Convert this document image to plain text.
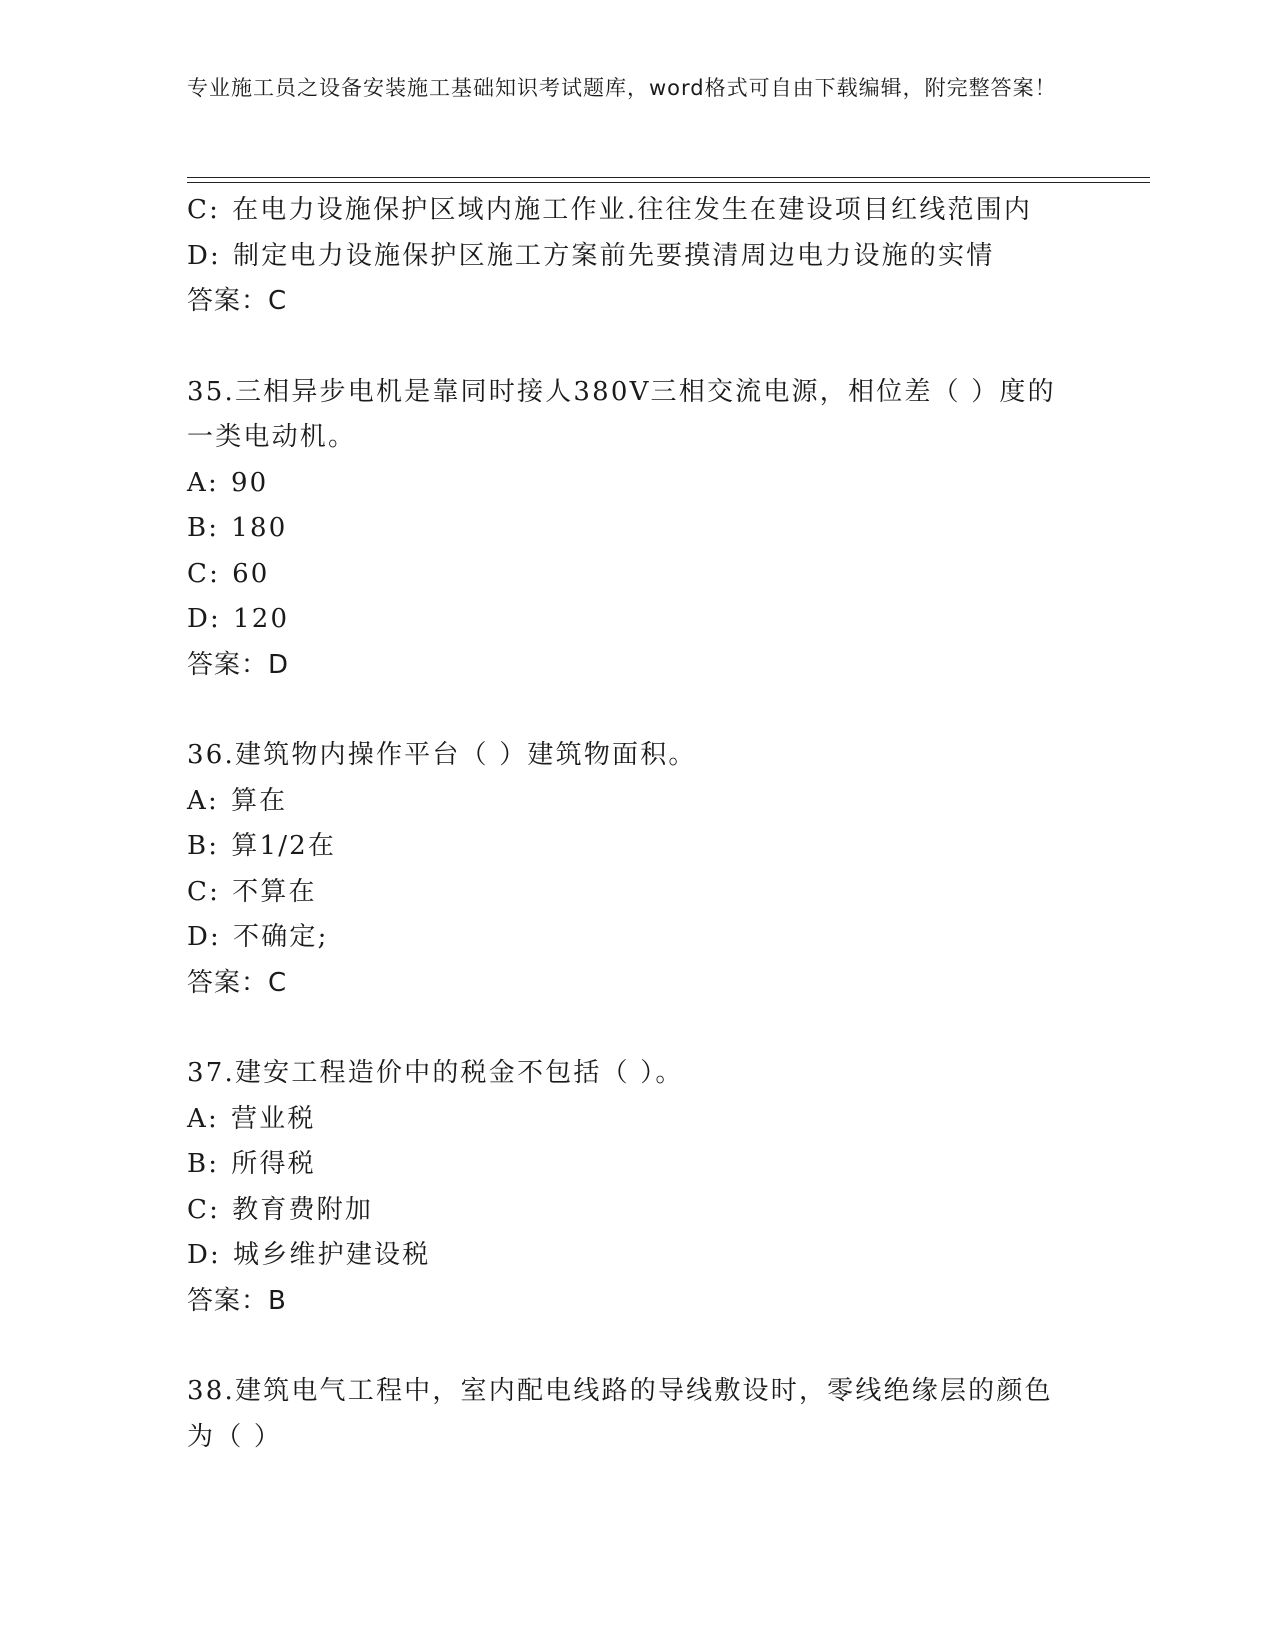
专业施工员之设备安装施工基础知识考试题库，word格式可自由下载编辑，附完整答案！
C: 在电力设施保护区域内施工作业.往往发生在建设项目红线范围内
D: 制定电力设施保护区施工方案前先要摸清周边电力设施的实情
答案：C
35.三相异步电机是靠同时接人380V三相交流电源，相位差（ ）度的一类电动机。
A: 90
B: 180
C: 60
D: 120
答案：D
36.建筑物内操作平台（ ）建筑物面积。
A: 算在
B: 算1/2在
C: 不算在
D: 不确定;
答案：C
37.建安工程造价中的税金不包括（ ）。
A: 营业税
B: 所得税
C: 教育费附加
D: 城乡维护建设税
答案：B
38.建筑电气工程中，室内配电线路的导线敷设时，零线绝缘层的颜色为（ ）
